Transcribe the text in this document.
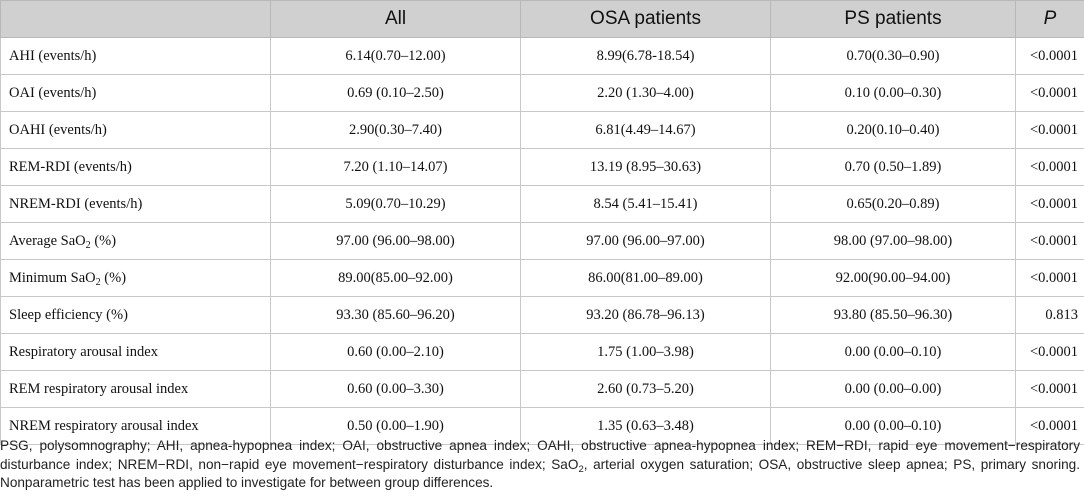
	All	OSA patients	PS patients	P
AHI (events/h)	6.14(0.70–12.00)	8.99(6.78-18.54)	0.70(0.30–0.90)	<0.0001
OAI (events/h)	0.69 (0.10–2.50)	2.20 (1.30–4.00)	0.10 (0.00–0.30)	<0.0001
OAHI (events/h)	2.90(0.30–7.40)	6.81(4.49–14.67)	0.20(0.10–0.40)	<0.0001
REM-RDI (events/h)	7.20 (1.10–14.07)	13.19 (8.95–30.63)	0.70 (0.50–1.89)	<0.0001
NREM-RDI (events/h)	5.09(0.70–10.29)	8.54 (5.41–15.41)	0.65(0.20–0.89)	<0.0001
Average SaO$_2$ (%)	97.00 (96.00–98.00)	97.00 (96.00–97.00)	98.00 (97.00–98.00)	<0.0001
Minimum SaO$_2$ (%)	89.00(85.00–92.00)	86.00(81.00–89.00)	92.00(90.00–94.00)	<0.0001
Sleep efficiency (%)	93.30 (85.60–96.20)	93.20 (86.78–96.13)	93.80 (85.50–96.30)	0.813
Respiratory arousal index	0.60 (0.00–2.10)	1.75 (1.00–3.98)	0.00 (0.00–0.10)	<0.0001
REM respiratory arousal index	0.60 (0.00–3.30)	2.60 (0.73–5.20)	0.00 (0.00–0.00)	<0.0001
NREM respiratory arousal index	0.50 (0.00–1.90)	1.35 (0.63–3.48)	0.00 (0.00–0.10)	<0.0001
PSG, polysomnography; AHI, apnea-hypopnea index; OAI, obstructive apnea index; OAHI, obstructive apnea-hypopnea index; REM−RDI, rapid eye movement−respiratory disturbance index; NREM−RDI, non−rapid eye movement−respiratory disturbance index; SaO$_2$, arterial oxygen saturation; OSA, obstructive sleep apnea; PS, primary snoring. Nonparametric test has been applied to investigate for between group differences.
